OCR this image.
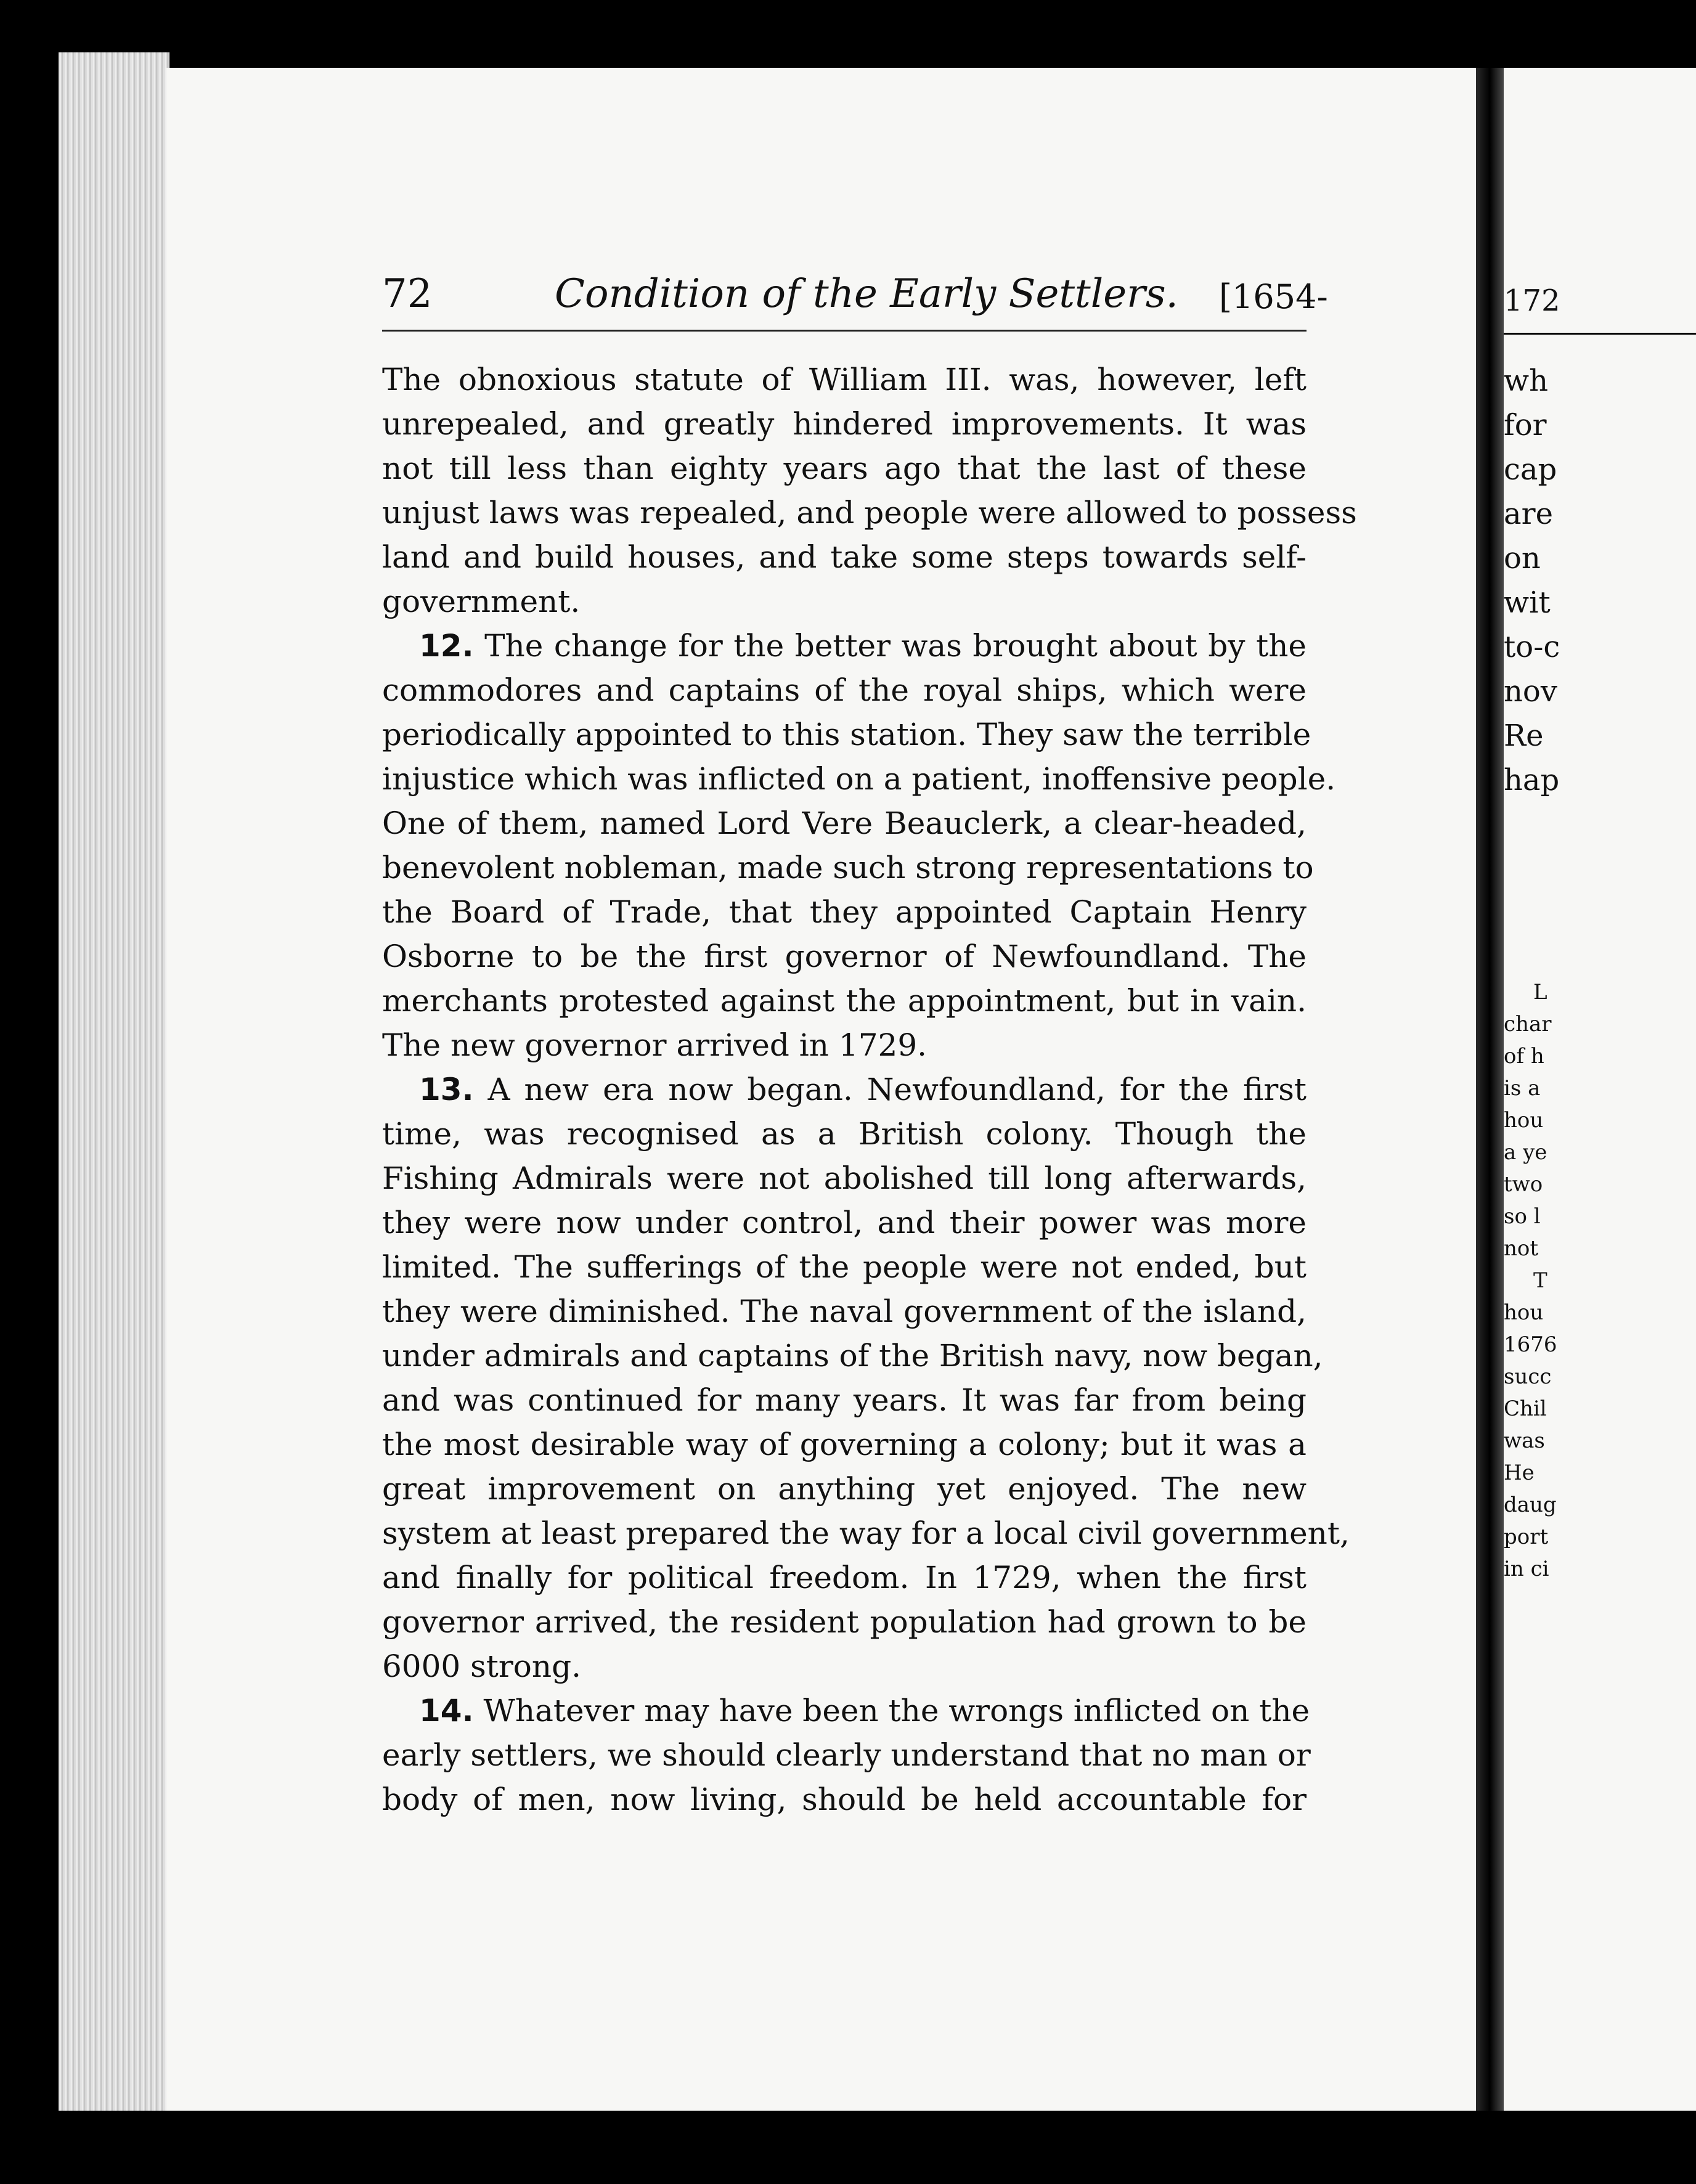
72	Condition of the Early Settlers. [1654-
The obnoxious statute of William III. was, however, left
unrepealed, and greatly hindered improvements. It was
not till less than eighty years ago that the last of these
unjust laws was repealed, and people were allowed to possess
land and build houses, and take some steps towards self-
government.
12. The change for the better was brought about by the
commodores and captains of the royal ships, which were
periodically appointed to this station. They saw the terrible
injustice which was inflicted on a patient, inoffensive people.
One of them, named Lord Vere Beauclerk, a clear-headed,
benevolent nobleman, made such strong representations to
the Board of Trade, that they appointed Captain Henry
Osborne to be the first governor of Newfoundland. The
merchants protested against the appointment, but in vain.
The new governor arrived in 1729.
13. A new era now began. Newfoundland, for the first
time, was recognised as a British colony. Though the
Fishing Admirals were not abolished till long afterwards,
they were now under control, and their power was more
limited. The sufferings of the people were not ended, but
they were diminished. The naval government of the island,
under admirals and captains of the British navy, now began,
and was continued for many years. It was far from being
the most desirable way of governing a colony; but it was a
great improvement on anything yet enjoyed. The new
system at least prepared the way for a local civil government,
and finally for political freedom. In 1729, when the first
governor arrived, the resident population had grown to be
6000 strong.
14. Whatever may have been the wrongs inflicted on the
early settlers, we should clearly understand that no man or
body of men, now living, should be held accountable for
172
wh
for
cap
are
on
wit
to-c
nov
Re
hap
L
char
of h
is a
hou
a ye
two
so l
not
T
hou
1676
succ
Chil
was
He
daug
port
in ci
